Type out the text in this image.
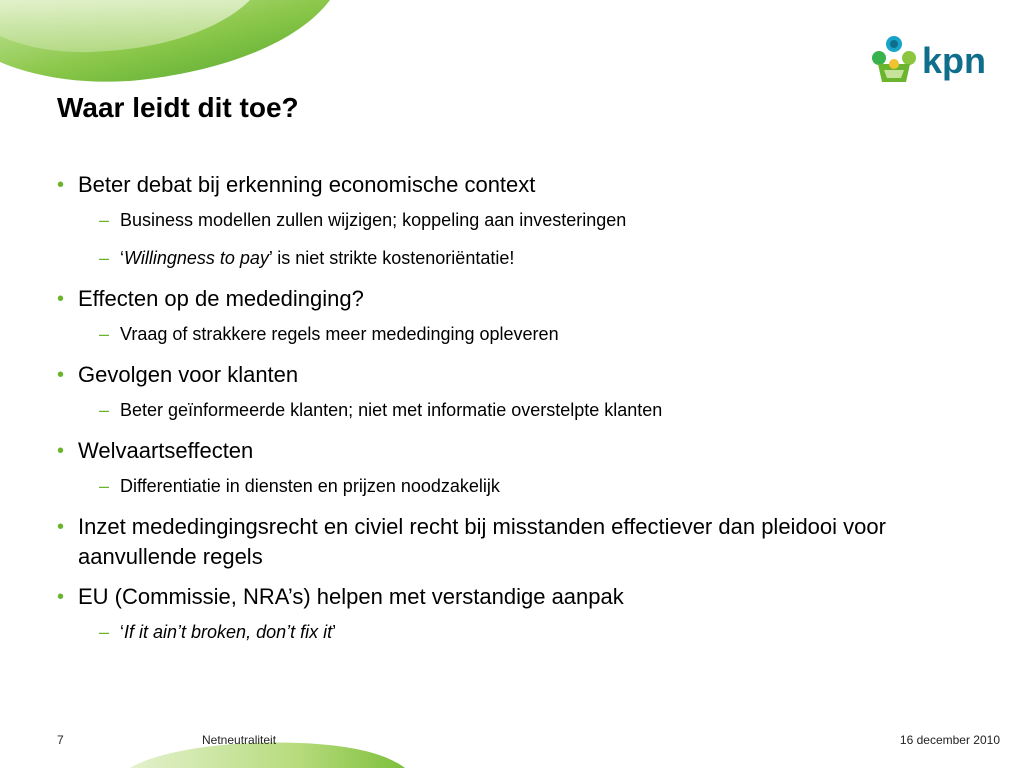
kpn
Waar leidt dit toe?
• Beter debat bij erkenning economische context
– Business modellen zullen wijzigen; koppeling aan investeringen
– ‘Willingness to pay’ is niet strikte kostenoriëntatie!
• Effecten op de mededinging?
– Vraag of strakkere regels meer mededinging opleveren
• Gevolgen voor klanten
– Beter geïnformeerde klanten; niet met informatie overstelpte klanten
• Welvaartseffecten
– Differentiatie in diensten en prijzen noodzakelijk
• Inzet mededingingsrecht en civiel recht bij misstanden effectiever dan pleidooi voor aanvullende regels
• EU (Commissie, NRA’s) helpen met verstandige aanpak
– ‘If it ain’t broken, don’t fix it’
7	Netneutraliteit	16 december 2010
